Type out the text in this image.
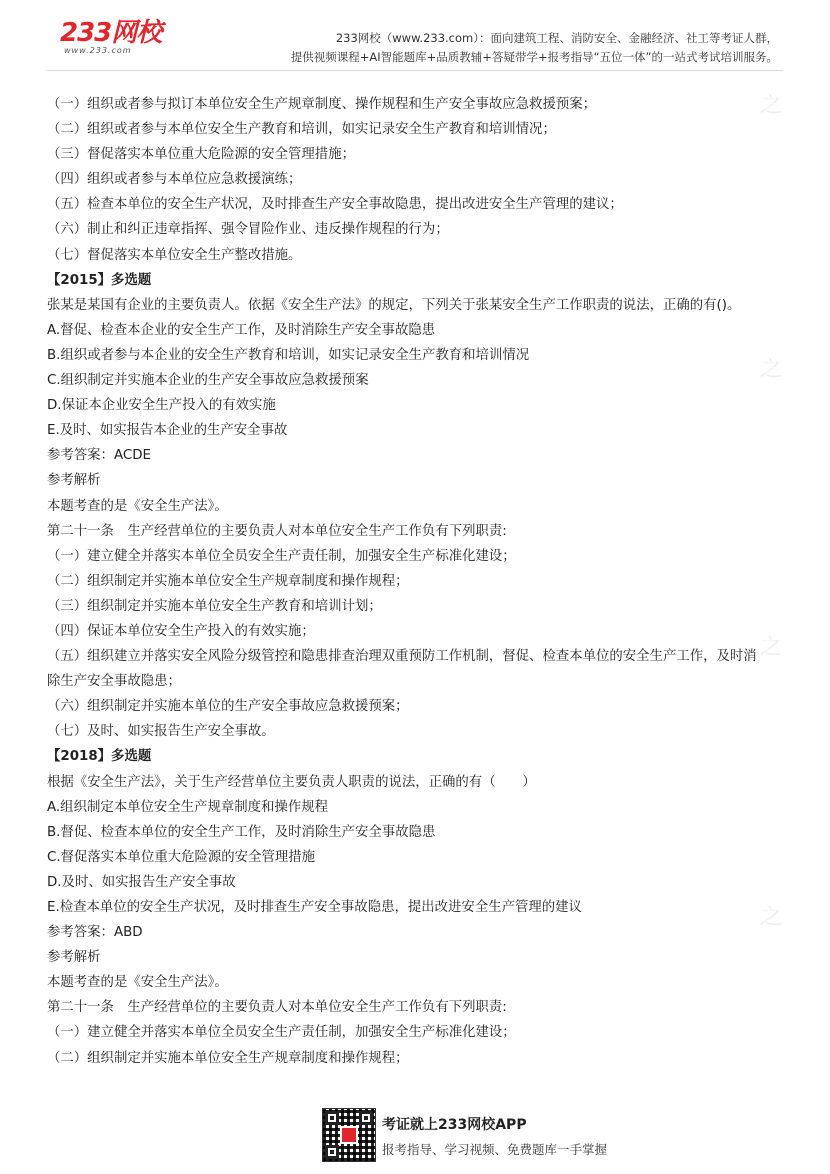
233网校
www.233.com
233网校（www.233.com）：面向建筑工程、消防安全、金融经济、社工等考证人群，
提供视频课程+AI智能题库+品质教辅+答疑带学+报考指导“五位一体”的一站式考试培训服务。

（一）组织或者参与拟订本单位安全生产规章制度、操作规程和生产安全事故应急救援预案；

（二）组织或者参与本单位安全生产教育和培训，如实记录安全生产教育和培训情况；

（三）督促落实本单位重大危险源的安全管理措施；

（四）组织或者参与本单位应急救援演练；

（五）检查本单位的安全生产状况，及时排查生产安全事故隐患，提出改进安全生产管理的建议；

（六）制止和纠正违章指挥、强令冒险作业、违反操作规程的行为；

（七）督促落实本单位安全生产整改措施。

【2015】多选题

张某是某国有企业的主要负责人。依据《安全生产法》的规定，下列关于张某安全生产工作职责的说法，正确的有()。

A.督促、检查本企业的安全生产工作，及时消除生产安全事故隐患

B.组织或者参与本企业的安全生产教育和培训，如实记录安全生产教育和培训情况

C.组织制定并实施本企业的生产安全事故应急救援预案

D.保证本企业安全生产投入的有效实施

E.及时、如实报告本企业的生产安全事故

参考答案：ACDE

参考解析

本题考查的是《安全生产法》。

第二十一条　生产经营单位的主要负责人对本单位安全生产工作负有下列职责:

（一）建立健全并落实本单位全员安全生产责任制，加强安全生产标准化建设；

（二）组织制定并实施本单位安全生产规章制度和操作规程；

（三）组织制定并实施本单位安全生产教育和培训计划；

（四）保证本单位安全生产投入的有效实施；

（五）组织建立并落实安全风险分级管控和隐患排查治理双重预防工作机制，督促、检查本单位的安全生产工作，及时消除生产安全事故隐患；

（六）组织制定并实施本单位的生产安全事故应急救援预案；

（七）及时、如实报告生产安全事故。

【2018】多选题

根据《安全生产法》，关于生产经营单位主要负责人职责的说法，正确的有（　　）

A.组织制定本单位安全生产规章制度和操作规程

B.督促、检查本单位的安全生产工作，及时消除生产安全事故隐患

C.督促落实本单位重大危险源的安全管理措施

D.及时、如实报告生产安全事故

E.检查本单位的安全生产状况，及时排查生产安全事故隐患，提出改进安全生产管理的建议

参考答案：ABD

参考解析

本题考查的是《安全生产法》。

第二十一条　生产经营单位的主要负责人对本单位安全生产工作负有下列职责:

（一）建立健全并落实本单位全员安全生产责任制，加强安全生产标准化建设；

（二）组织制定并实施本单位安全生产规章制度和操作规程；

之
之
之
之
考证就上233网校APP
报考指导、学习视频、免费题库一手掌握
